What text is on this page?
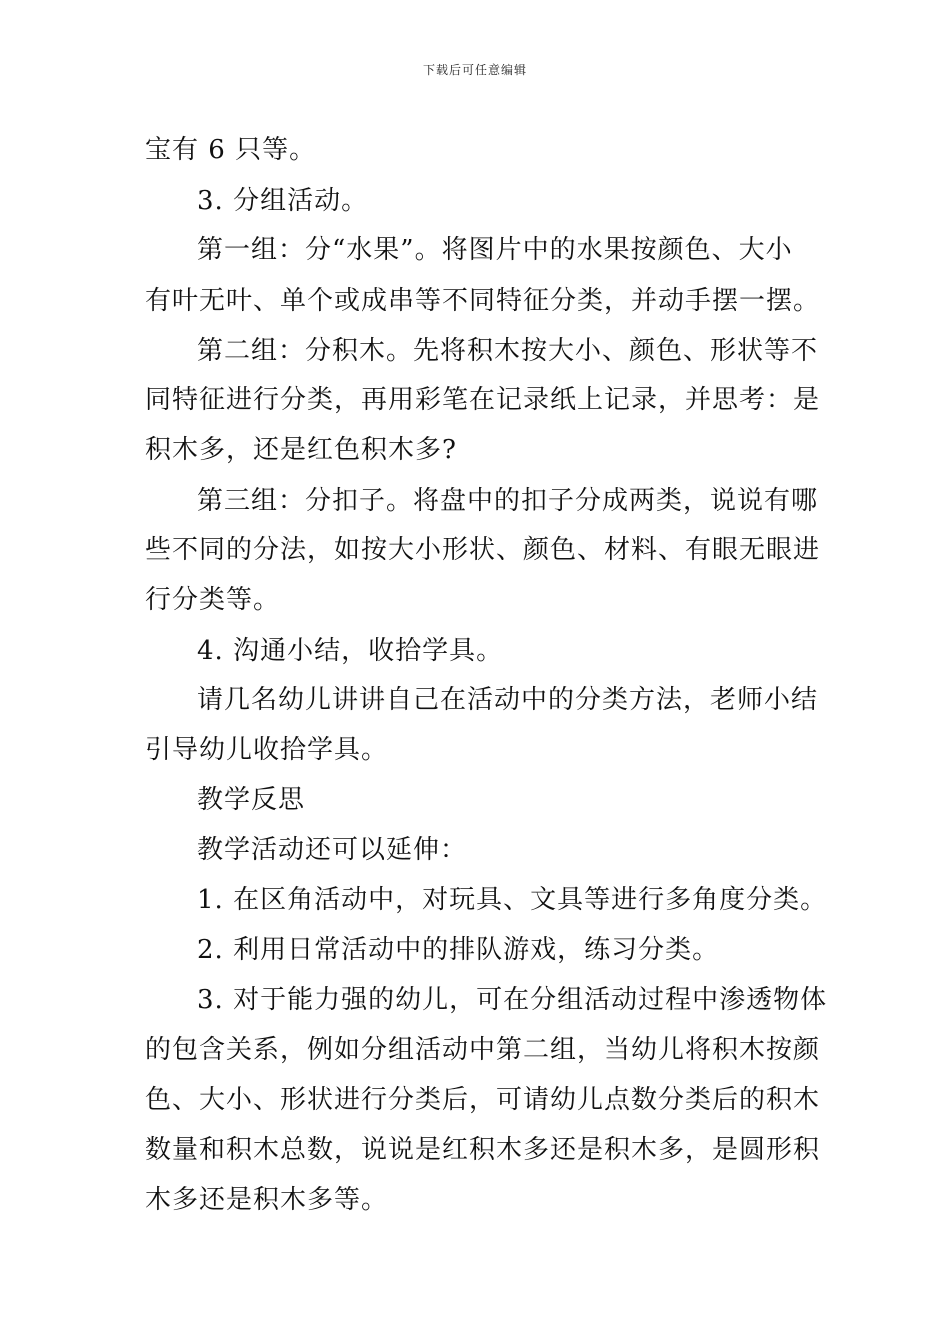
下载后可任意编辑
宝有 6 只等。
3. 分组活动。
第一组：分“水果”。将图片中的水果按颜色、大小
有叶无叶、单个或成串等不同特征分类，并动手摆一摆。
第二组：分积木。先将积木按大小、颜色、形状等不
同特征进行分类，再用彩笔在记录纸上记录，并思考：是
积木多，还是红色积木多?
第三组：分扣子。将盘中的扣子分成两类，说说有哪
些不同的分法，如按大小形状、颜色、材料、有眼无眼进
行分类等。
4. 沟通小结，收拾学具。
请几名幼儿讲讲自己在活动中的分类方法，老师小结
引导幼儿收拾学具。
教学反思
教学活动还可以延伸：
1. 在区角活动中，对玩具、文具等进行多角度分类。
2. 利用日常活动中的排队游戏，练习分类。
3. 对于能力强的幼儿，可在分组活动过程中渗透物体
的包含关系，例如分组活动中第二组，当幼儿将积木按颜
色、大小、形状进行分类后，可请幼儿点数分类后的积木
数量和积木总数，说说是红积木多还是积木多，是圆形积
木多还是积木多等。
